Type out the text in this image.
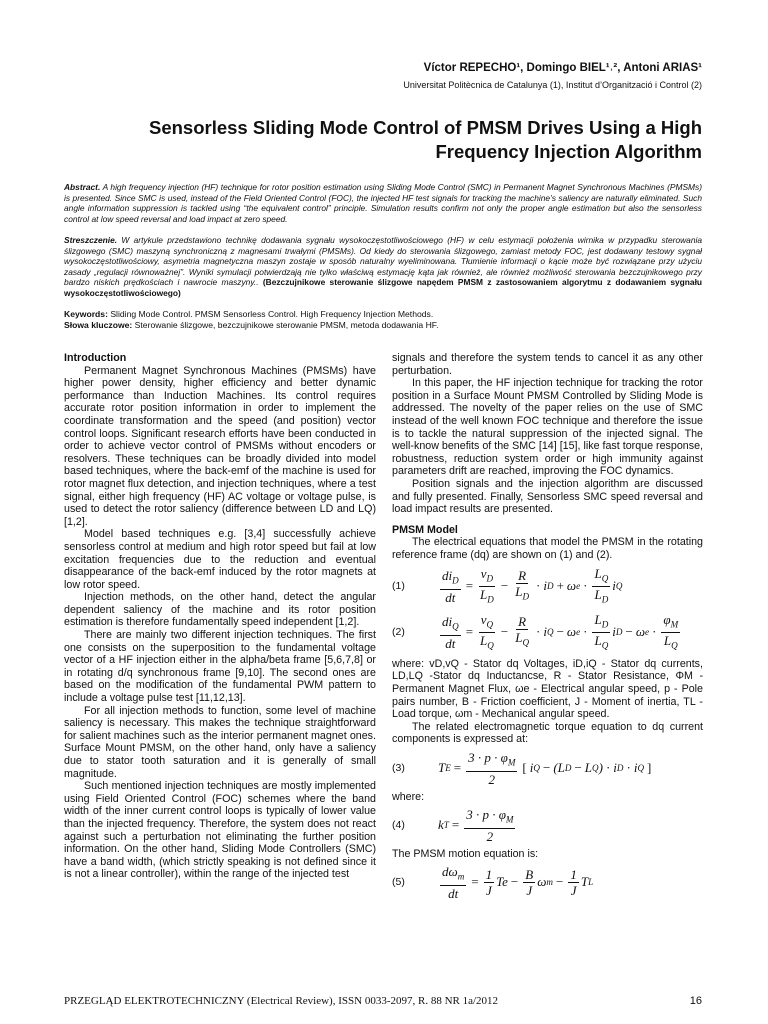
Víctor REPECHO¹, Domingo BIEL¹˒², Antoni ARIAS¹
Universitat Politècnica de Catalunya (1), Institut d’Organització i Control (2)
Sensorless Sliding Mode Control of PMSM Drives Using a High Frequency Injection Algorithm
Abstract. A high frequency injection (HF) technique for rotor position estimation using Sliding Mode Control (SMC) in Permanent Magnet Synchronous Machines (PMSMs) is presented. Since SMC is used, instead of the Field Oriented Control (FOC), the injected HF test signals for tracking the machine’s saliency are naturally eliminated. Such angle information suppression is tackled using “the equivalent control” principle. Simulation results confirm not only the proper angle estimation but also the sensorless control at low speed reversal and load impact at zero speed.
Streszczenie. W artykule przedstawiono technikę dodawania sygnału wysokoczęstotliwościowego (HF) w celu estymacji położenia wirnika w przypadku sterowania ślizgowego (SMC) maszyną synchroniczną z magnesami trwałymi (PMSMs). Od kiedy do sterowania ślizgowego, zamiast metody FOC, jest dodawany testowy sygnał wysokoczęstotliwościowy, asymetria magnetyczna maszyn zostaje w sposób naturalny wyeliminowana. Tłumienie informacji o kącie może być rozwiązane przy użyciu zasady „regulacji równoważnej”. Wyniki symulacji potwierdzają nie tylko właściwą estymację kąta jak również, ale również możliwość sterowania bezczujnikowego przy bardzo niskich prędkościach i nawrocie maszyny.. (Bezczujnikowe sterowanie ślizgowe napędem PMSM z zastosowaniem algorytmu z dodawaniem sygnału wysokoczęstotliwościowego)
Keywords: Sliding Mode Control. PMSM Sensorless Control. High Frequency Injection Methods.
Słowa kluczowe: Sterowanie ślizgowe, bezczujnikowe sterowanie PMSM, metoda dodawania HF.
Introduction

Permanent Magnet Synchronous Machines (PMSMs) have higher power density, higher efficiency and better dynamic performance than Induction Machines. Its control requires accurate rotor position information in order to implement the coordinate transformation and the speed (and position) vector control loops. Significant research efforts have been conducted in order to achieve vector control of PMSMs without encoders or resolvers. These techniques can be broadly divided into model based techniques, where the back-emf of the machine is used for rotor magnet flux detection, and injection techniques, where a test signal, either high frequency (HF) AC voltage or voltage pulse, is used to detect the rotor saliency (difference between LD and LQ) [1,2].

Model based techniques e.g. [3,4] successfully achieve sensorless control at medium and high rotor speed but fail at low excitation frequencies due to the reduction and eventual disappearance of the back-emf induced by the rotor magnets at low rotor speed.

Injection methods, on the other hand, detect the angular dependent saliency of the machine and its rotor position estimation is therefore fundamentally speed independent [1,2].

There are mainly two different injection techniques. The first one consists on the superposition to the fundamental voltage vector of a HF injection either in the alpha/beta frame [5,6,7,8] or in rotating d/q synchronous frame [9,10]. The second ones are based on the modification of the fundamental PWM pattern to include a voltage pulse test [11,12,13].

For all injection methods to function, some level of machine saliency is necessary. This makes the technique straightforward for salient machines such as the interior permanent magnet ones. Surface Mount PMSM, on the other hand, only have a saliency due to stator tooth saturation and it is generally of small magnitude.

Such mentioned injection techniques are mostly implemented using Field Oriented Control (FOC) schemes where the band width of the inner current control loops is typically of lower value than the injected frequency. Therefore, the system does not react against such a perturbation not eliminating the further position information. On the other hand, Sliding Mode Controllers (SMC) have a band width, (which strictly speaking is not defined since it is not a linear controller), within the range of the injected test

signals and therefore the system tends to cancel it as any other perturbation.

In this paper, the HF injection technique for tracking the rotor position in a Surface Mount PMSM Controlled by Sliding Mode is addressed. The novelty of the paper relies on the use of SMC instead of the well known FOC technique and therefore the issue is to tackle the natural suppression of the injected signal. The well-know benefits of the SMC [14] [15], like fast torque response, robustness, reduction system order or high immunity against parameters drift are reached, improving the FOC dynamics.

Position signals and the injection algorithm are discussed and fully presented. Finally, Sensorless SMC speed reversal and load impact results are presented.

PMSM Model

The electrical equations that model the PMSM in the rotating reference frame (dq) are shown on (1) and (2).

(1)	$\frac{di_D}{dt} = \frac{v_D}{L_D} - \frac{R}{L_D} \cdot i$ D + ω $e \cdot \frac{L_Q}{L_D}$ i Q
(2)	$\frac{di_Q}{dt} = \frac{v_Q}{L_Q} - \frac{R}{L_Q} \cdot i$ Q − ω $e \cdot \frac{L_D}{L_Q}$ i D − ω $e \cdot \frac{\varphi_M}{L_Q}$

where: vD,vQ - Stator dq Voltages, iD,iQ - Stator dq currents, LD,LQ -Stator dq Inductancse, R - Stator Resistance, ΦM - Permanent Magnet Flux, ωe - Electrical angular speed, p - Pole pairs number, B - Friction coefficient, J - Moment of inertia, TL - Load torque, ωm - Mechanical angular speed.

The related electromagnetic torque equation to dq current components is expressed at:

(3)	T $E = \frac{3 \cdot p \cdot \varphi_M}{2}$ [ i Q − (L D − L Q ) · i D · i Q ]

where:

(4)	k $T = \frac{3 \cdot p \cdot \varphi_M}{2}$

The PMSM motion equation is:

(5)	$\frac{d\omega_m}{dt} = \frac{1}{J}$ $Te - \frac{B}{J}$ ω $m - \frac{1}{J}$ T L
PRZEGLĄD ELEKTROTECHNICZNY (Electrical Review), ISSN 0033-2097, R. 88 NR 1a/2012	16
